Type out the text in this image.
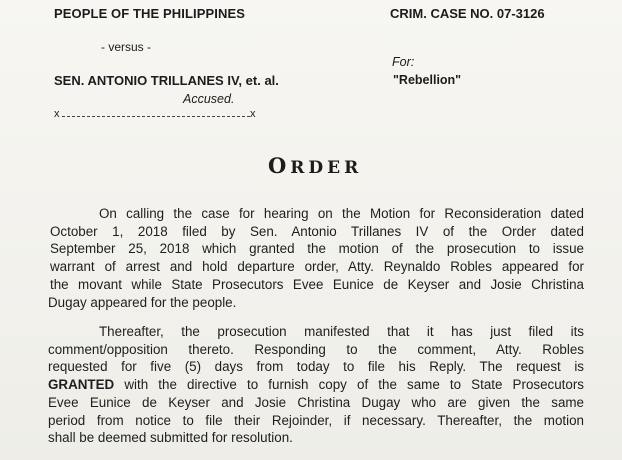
PEOPLE OF THE PHILIPPINES	CRIM. CASE NO. 07-3126
- versus -
For:
SEN. ANTONIO TRILLANES IV, et. al.	"Rebellion"
Accused.
x	x
ORDER
On calling the case for hearing on the Motion for Reconsideration dated
October 1, 2018 filed by Sen. Antonio Trillanes IV of the Order dated
September 25, 2018 which granted the motion of the prosecution to issue
warrant of arrest and hold departure order, Atty. Reynaldo Robles appeared for
the movant while State Prosecutors Evee Eunice de Keyser and Josie Christina
Dugay appeared for the people.
Thereafter, the prosecution manifested that it has just filed its
comment/opposition thereto. Responding to the comment, Atty. Robles
requested for five (5) days from today to file his Reply. The request is
GRANTED with the directive to furnish copy of the same to State Prosecutors
Evee Eunice de Keyser and Josie Christina Dugay who are given the same
period from notice to file their Rejoinder, if necessary. Thereafter, the motion
shall be deemed submitted for resolution.
